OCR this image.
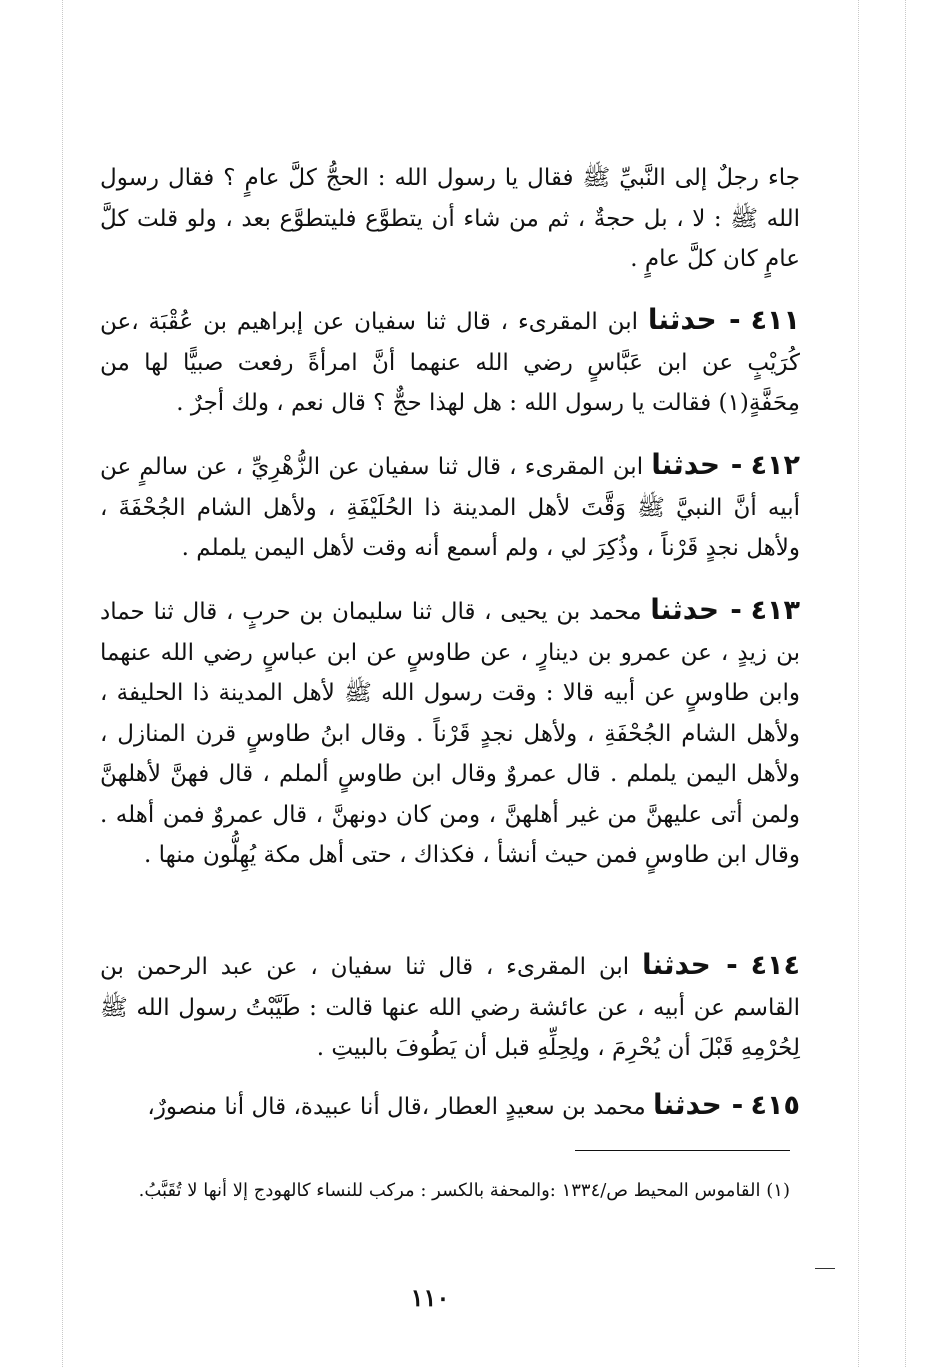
جاء رجلٌ إلى النَّبيِّ ﷺ فقال يا رسول الله : الحجُّ كلَّ عامٍ ؟ فقال رسول الله ﷺ : لا ، بل حجةٌ ، ثم من شاء أن يتطوَّع فليتطوَّع بعد ، ولو قلت كلَّ عامٍ كان كلَّ عامٍ .
٤١١ - حدثنا ابن المقرىء ، قال ثنا سفيان عن إبراهيم بن عُقْبَة ،عن كُرَيْبٍ عن ابن عَبَّاسٍ رضي الله عنهما أنَّ امرأةً رفعت صبيًّا لها من مِحَفَّةٍ(١) فقالت يا رسول الله : هل لهذا حجٌّ ؟ قال نعم ، ولك أجرٌ .
٤١٢ - حدثنا ابن المقرىء ، قال ثنا سفيان عن الزُّهْرِيِّ ، عن سالمٍ عن أبيه أنَّ النبيَّ ﷺ وَقَّتَ لأهل المدينة ذا الحُلَيْفَةِ ، ولأهل الشام الجُحْفَةَ ، ولأهل نجدٍ قَرْناً ، وذُكِرَ لي ، ولم أسمع أنه وقت لأهل اليمن يلملم .
٤١٣ - حدثنا محمد بن يحيى ، قال ثنا سليمان بن حربٍ ، قال ثنا حماد بن زيدٍ ، عن عمرو بن دينارٍ ، عن طاوسٍ عن ابن عباسٍ رضي الله عنهما وابن طاوسٍ عن أبيه قالا : وقت رسول الله ﷺ لأهل المدينة ذا الحليفة ، ولأهل الشام الجُحْفَةِ ، ولأهل نجدٍ قَرْناً . وقال ابنُ طاوسٍ قرن المنازل ، ولأهل اليمن يلملم . قال عمروٌ وقال ابن طاوسٍ ألملم ، قال فهنَّ لأهلهنَّ ولمن أتى عليهنَّ من غير أهلهنَّ ، ومن كان دونهنَّ ، قال عمروٌ فمن أهله . وقال ابن طاوسٍ فمن حيث أنشأ ، فكذاك ، حتى أهل مكة يُهِلُّون منها .
٤١٤ - حدثنا ابن المقرىء ، قال ثنا سفيان ، عن عبد الرحمن بن القاسم عن أبيه ، عن عائشة رضي الله عنها قالت : طَيَّبْتُ رسول الله ﷺ لِحُرْمِهِ قَبْلَ أن يُحْرِمَ ، ولِحِلِّهِ قبل أن يَطُوفَ بالبيتِ .
٤١٥ - حدثنا محمد بن سعيدٍ العطار ،قال أنا عبيدة، قال أنا منصورٌ،
(١) القاموس المحيط ص/١٣٣٤ :والمحفة بالكسر : مركب للنساء كالهودج إلا أنها لا تُقَبَّبُ.
١١٠
